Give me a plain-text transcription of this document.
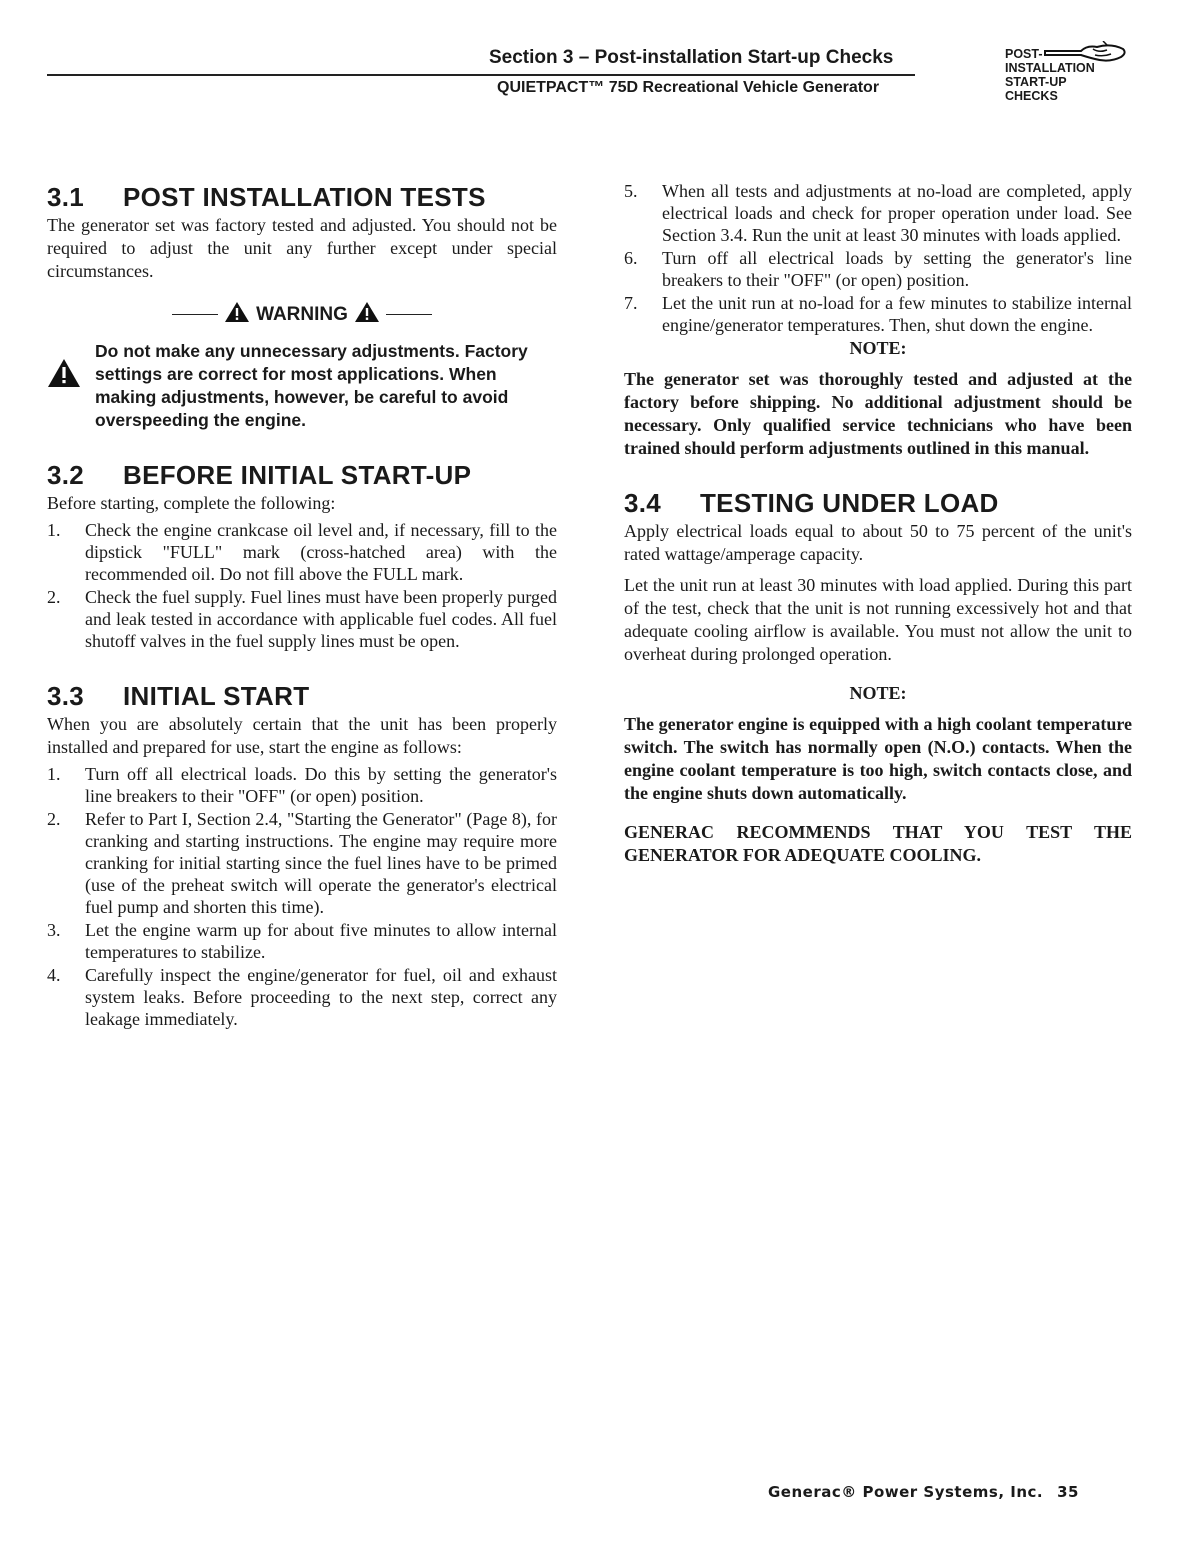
Section 3 – Post-installation Start-up Checks
QUIETPACT™ 75D Recreational Vehicle Generator
POST-
INSTALLATION
START-UP
CHECKS
3.1 POST INSTALLATION TESTS

The generator set was factory tested and adjusted. You should not be required to adjust the unit any further except under special circumstances.

WARNING
Do not make any unnecessary adjustments. Factory settings are correct for most applications. When making adjustments, however, be careful to avoid overspeeding the engine.
3.2 BEFORE INITIAL START-UP

Before starting, complete the following:

1. Check the engine crankcase oil level and, if necessary, fill to the dipstick "FULL" mark (cross-hatched area) with the recommended oil. Do not fill above the FULL mark.
2. Check the fuel supply. Fuel lines must have been properly purged and leak tested in accordance with applicable fuel codes. All fuel shutoff valves in the fuel supply lines must be open.
3.3 INITIAL START

When you are absolutely certain that the unit has been properly installed and prepared for use, start the engine as follows:

1. Turn off all electrical loads. Do this by setting the generator's line breakers to their "OFF" (or open) position.
2. Refer to Part I, Section 2.4, "Starting the Generator" (Page 8), for cranking and starting instructions. The engine may require more cranking for initial starting since the fuel lines have to be primed (use of the preheat switch will operate the generator's electrical fuel pump and shorten this time).
3. Let the engine warm up for about five minutes to allow internal temperatures to stabilize.
4. Carefully inspect the engine/generator for fuel, oil and exhaust system leaks. Before proceeding to the next step, correct any leakage immediately.
5. When all tests and adjustments at no-load are completed, apply electrical loads and check for proper operation under load. See Section 3.4. Run the unit at least 30 minutes with loads applied.
6. Turn off all electrical loads by setting the generator's line breakers to their "OFF" (or open) position.
7. Let the unit run at no-load for a few minutes to stabilize internal engine/generator temperatures. Then, shut down the engine.
NOTE:

The generator set was thoroughly tested and adjusted at the factory before shipping. No additional adjustment should be necessary. Only qualified service technicians who have been trained should perform adjustments outlined in this manual.

3.4 TESTING UNDER LOAD

Apply electrical loads equal to about 50 to 75 percent of the unit's rated wattage/amperage capacity.

Let the unit run at least 30 minutes with load applied. During this part of the test, check that the unit is not running excessively hot and that adequate cooling airflow is available. You must not allow the unit to overheat during prolonged operation.

NOTE:

The generator engine is equipped with a high coolant temperature switch. The switch has normally open (N.O.) contacts. When the engine coolant temperature is too high, switch contacts close, and the engine shuts down automatically.

GENERAC RECOMMENDS THAT YOU TEST THE GENERATOR FOR ADEQUATE COOLING.

Generac® Power Systems, Inc. 35
